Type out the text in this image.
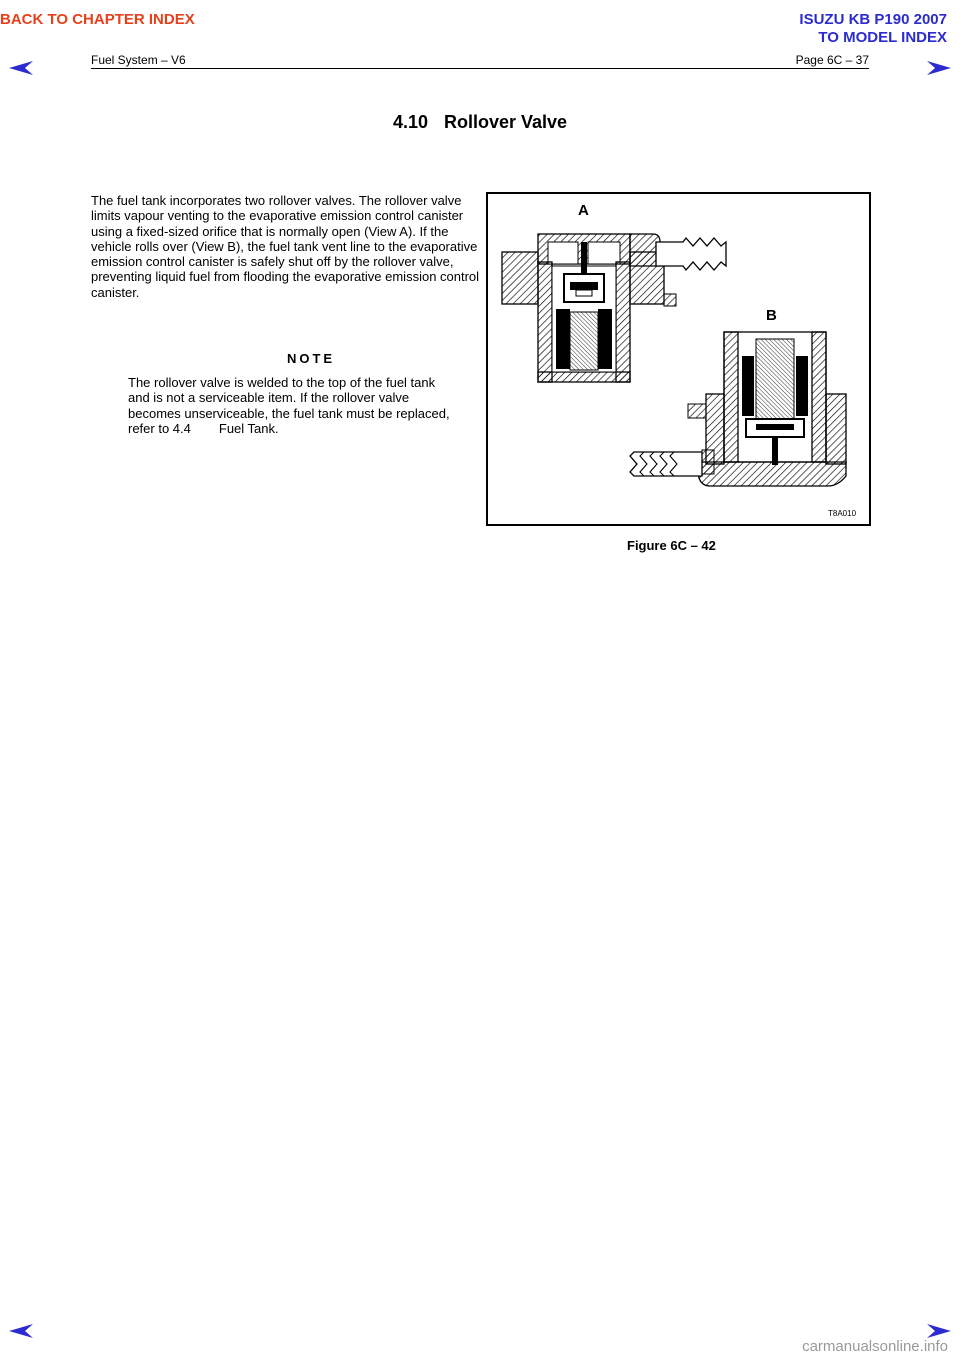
BACK TO CHAPTER INDEX	ISUZU KB P190 2007
TO MODEL INDEX
Fuel System – V6	Page 6C – 37
4.10 Rollover Valve
The fuel tank incorporates two rollover valves. The rollover valve limits vapour venting to the evaporative emission control canister using a fixed-sized orifice that is normally open (View A). If the vehicle rolls over (View B), the fuel tank vent line to the evaporative emission control canister is safely shut off by the rollover valve, preventing liquid fuel from flooding the evaporative emission control canister.
NOTE
The rollover valve is welded to the top of the fuel tank and is not a serviceable item. If the rollover valve becomes unserviceable, the fuel tank must be replaced, refer to 4.4 Fuel Tank.
A
B
T8A010
Figure 6C – 42
carmanualsonline.info
